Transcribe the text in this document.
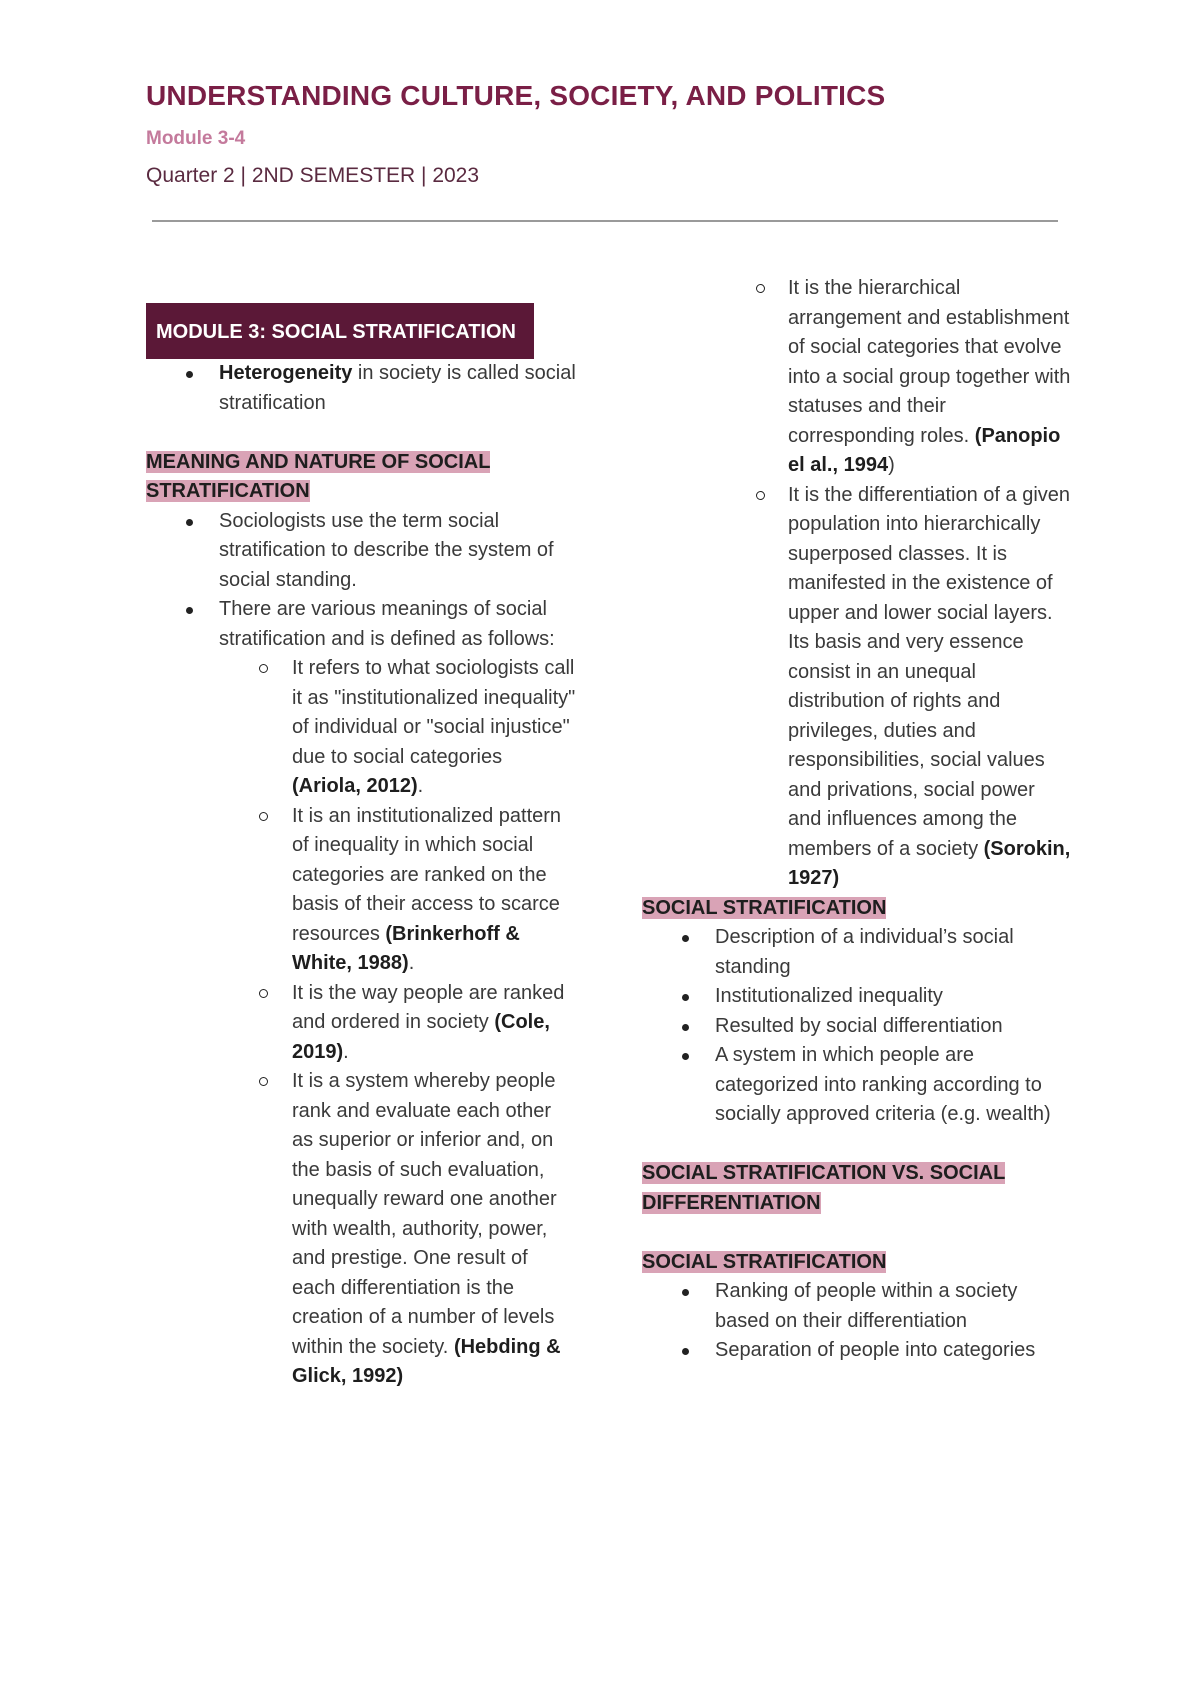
UNDERSTANDING CULTURE, SOCIETY, AND POLITICS
Module 3-4
Quarter 2 | 2ND SEMESTER | 2023
MODULE 3: SOCIAL STRATIFICATION
Heterogeneity in society is called social stratification

MEANING AND NATURE OF SOCIAL STRATIFICATION

Sociologists use the term social stratification to describe the system of social standing.
There are various meanings of social stratification and is defined as follows:
It refers to what sociologists call it as "institutionalized inequality" of individual or "social injustice" due to social categories (Ariola, 2012).
It is an institutionalized pattern of inequality in which social categories are ranked on the basis of their access to scarce resources (Brinkerhoff & White, 1988).
It is the way people are ranked and ordered in society (Cole, 2019).
It is a system whereby people rank and evaluate each other as superior or inferior and, on the basis of such evaluation, unequally reward one another with wealth, authority, power, and prestige. One result of each differentiation is the creation of a number of levels within the society. (Hebding & Glick, 1992)
It is the hierarchical arrangement and establishment of social categories that evolve into a social group together with statuses and their corresponding roles. (Panopio el al., 1994)
It is the differentiation of a given population into hierarchically superposed classes. It is manifested in the existence of upper and lower social layers. Its basis and very essence consist in an unequal distribution of rights and privileges, duties and responsibilities, social values and privations, social power and influences among the members of a society (Sorokin, 1927)

SOCIAL STRATIFICATION

Description of a individual’s social standing
Institutionalized inequality
Resulted by social differentiation
A system in which people are categorized into ranking according to socially approved criteria (e.g. wealth)

SOCIAL STRATIFICATION VS. SOCIAL DIFFERENTIATION

SOCIAL STRATIFICATION

Ranking of people within a society based on their differentiation
Separation of people into categories
